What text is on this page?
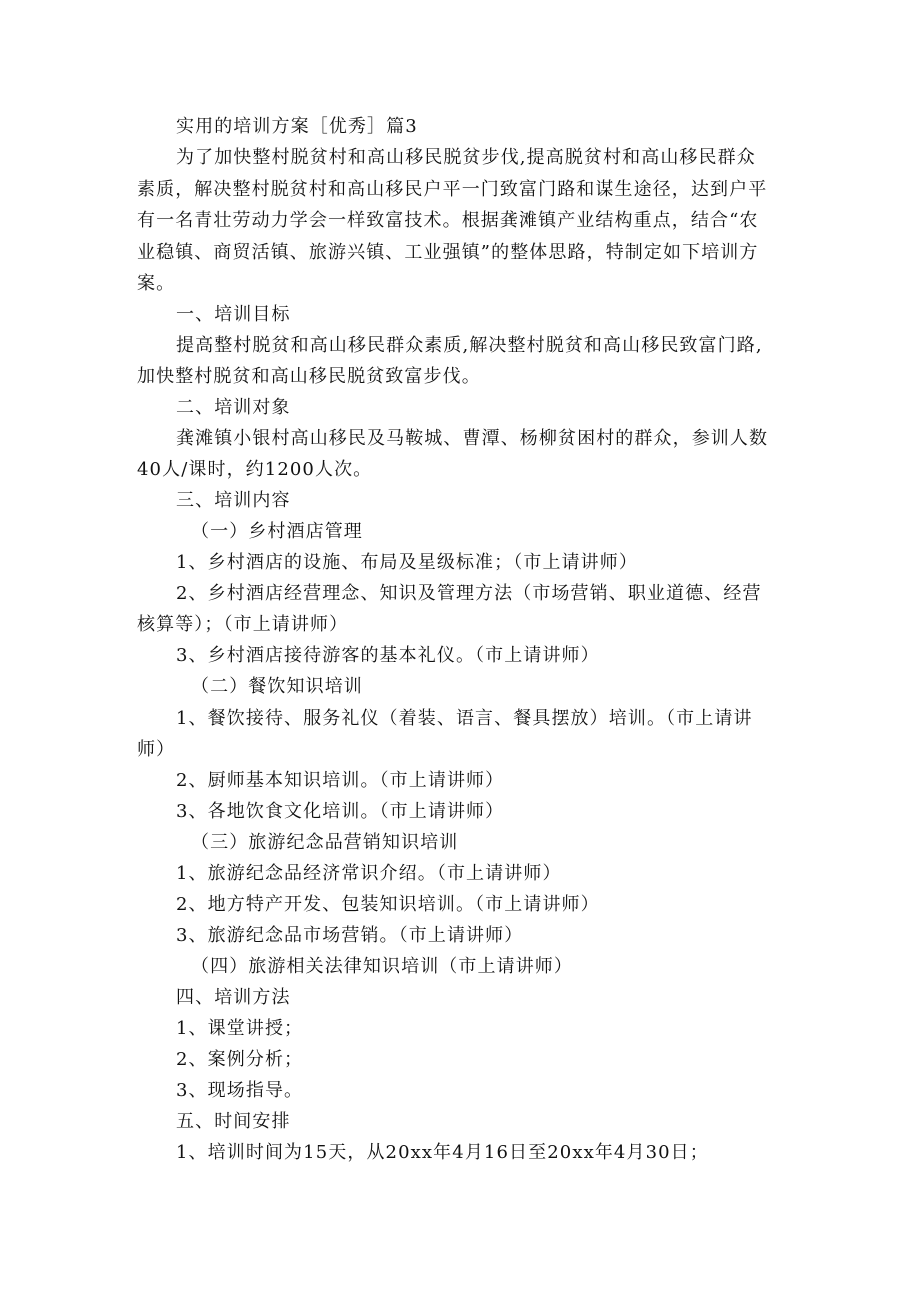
实用的培训方案［优秀］篇3
为了加快整村脱贫村和高山移民脱贫步伐,提高脱贫村和高山移民群众
素质，解决整村脱贫村和高山移民户平一门致富门路和谋生途径，达到户平
有一名青壮劳动力学会一样致富技术。根据龚滩镇产业结构重点，结合“农
业稳镇、商贸活镇、旅游兴镇、工业强镇”的整体思路，特制定如下培训方
案。
一、培训目标
提高整村脱贫和高山移民群众素质,解决整村脱贫和高山移民致富门路,
加快整村脱贫和高山移民脱贫致富步伐。
二、培训对象
龚滩镇小银村高山移民及马鞍城、曹潭、杨柳贫困村的群众，参训人数
40人/课时，约1200人次。
三、培训内容
（一）乡村酒店管理
1、乡村酒店的设施、布局及星级标准；（市上请讲师）
2、乡村酒店经营理念、知识及管理方法（市场营销、职业道德、经营
核算等）；（市上请讲师）
3、乡村酒店接待游客的基本礼仪。（市上请讲师）
（二）餐饮知识培训
1、餐饮接待、服务礼仪（着装、语言、餐具摆放）培训。（市上请讲
师）
2、厨师基本知识培训。（市上请讲师）
3、各地饮食文化培训。（市上请讲师）
（三）旅游纪念品营销知识培训
1、旅游纪念品经济常识介绍。（市上请讲师）
2、地方特产开发、包装知识培训。（市上请讲师）
3、旅游纪念品市场营销。（市上请讲师）
（四）旅游相关法律知识培训（市上请讲师）
四、培训方法
1、课堂讲授；
2、案例分析；
3、现场指导。
五、时间安排
1、培训时间为15天，从20xx年4月16日至20xx年4月30日；
